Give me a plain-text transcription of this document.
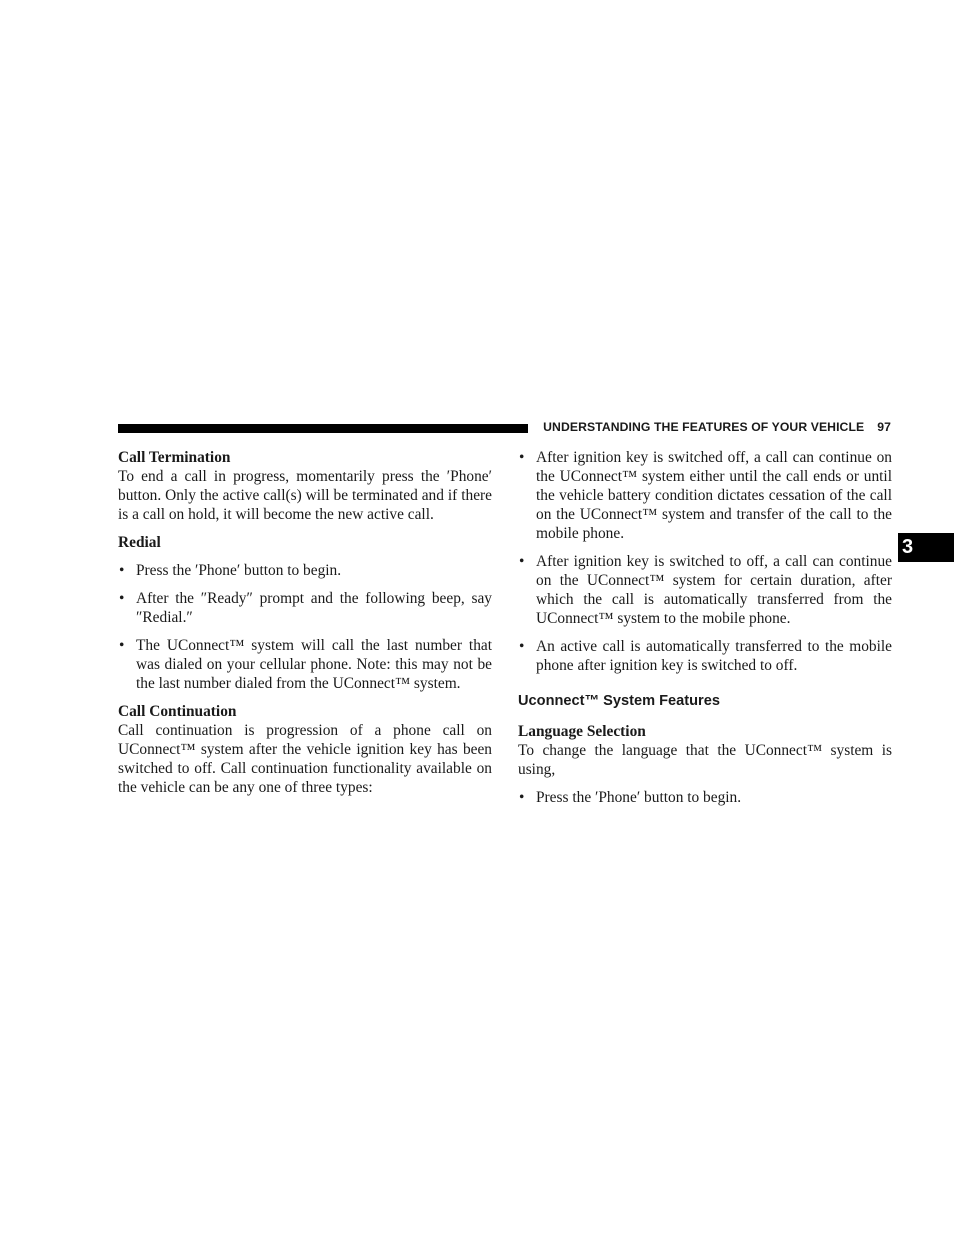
UNDERSTANDING THE FEATURES OF YOUR VEHICLE 97
3

Call Termination

To end a call in progress, momentarily press the ′Phone′ button. Only the active call(s) will be terminated and if there is a call on hold, it will become the new active call.

Redial

• Press the ′Phone′ button to begin.
• After the ″Ready″ prompt and the following beep, say ″Redial.″
• The UConnect™ system will call the last number that was dialed on your cellular phone. Note: this may not be the last number dialed from the UConnect™ system.

Call Continuation

Call continuation is progression of a phone call on UConnect™ system after the vehicle ignition key has been switched to off. Call continuation functionality available on the vehicle can be any one of three types:

• After ignition key is switched off, a call can continue on the UConnect™ system either until the call ends or until the vehicle battery condition dictates cessation of the call on the UConnect™ system and transfer of the call to the mobile phone.
• After ignition key is switched to off, a call can continue on the UConnect™ system for certain duration, after which the call is automatically transferred from the UConnect™ system to the mobile phone.
• An active call is automatically transferred to the mobile phone after ignition key is switched to off.

Uconnect™ System Features

Language Selection

To change the language that the UConnect™ system is using,

• Press the ′Phone′ button to begin.
